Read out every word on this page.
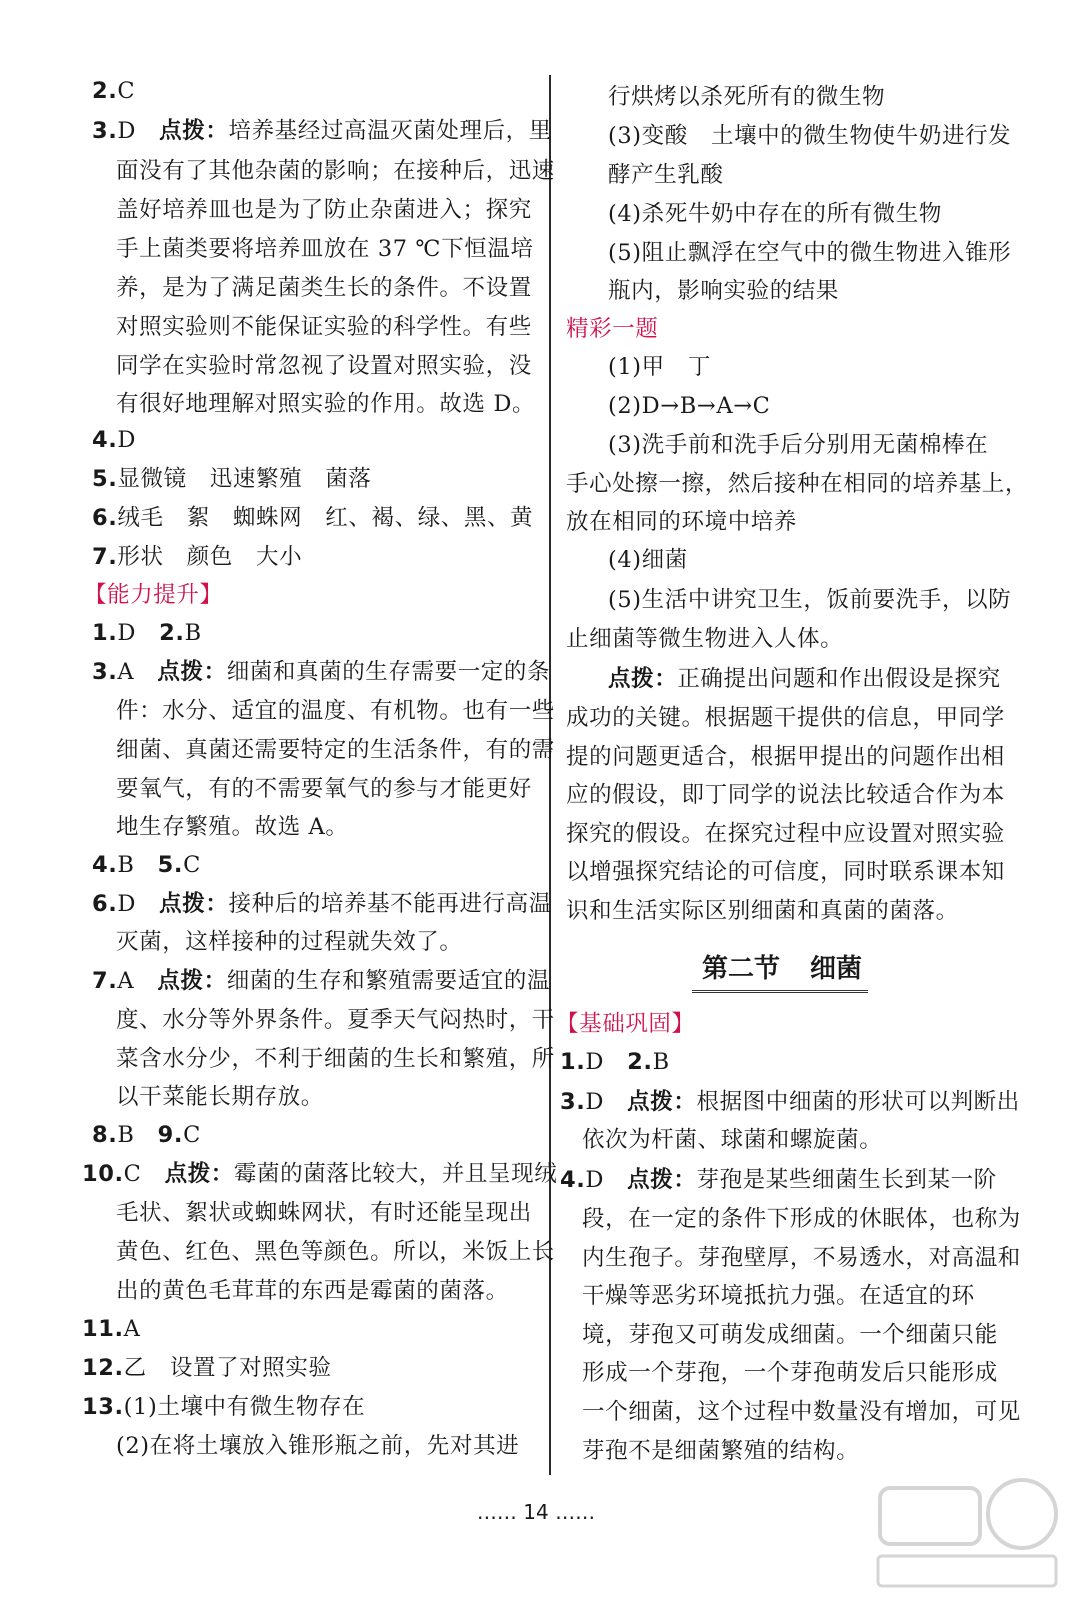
2.C
3.D　 点拨：培养基经过高温灭菌处理后，里
面没有了其他杂菌的影响；在接种后，迅速
盖好培养皿也是为了防止杂菌进入；探究
手上菌类要将培养皿放在 37 ℃下恒温培
养，是为了满足菌类生长的条件。不设置
对照实验则不能保证实验的科学性。有些
同学在实验时常忽视了设置对照实验，没
有很好地理解对照实验的作用。故选 D。
4.D
5.显微镜　迅速繁殖　菌落
6.绒毛　絮　蜘蛛网　红、褐、绿、黑、黄
7.形状　颜色　大小
【能力提升】
1.D　 2.B
3.A　 点拨：细菌和真菌的生存需要一定的条
件：水分、适宜的温度、有机物。也有一些
细菌、真菌还需要特定的生活条件，有的需
要氧气，有的不需要氧气的参与才能更好
地生存繁殖。故选 A。
4.B　 5.C
6.D　 点拨：接种后的培养基不能再进行高温
灭菌，这样接种的过程就失效了。
7.A　 点拨：细菌的生存和繁殖需要适宜的温
度、水分等外界条件。夏季天气闷热时，干
菜含水分少，不利于细菌的生长和繁殖，所
以干菜能长期存放。
8.B　 9.C
10.C　 点拨：霉菌的菌落比较大，并且呈现绒
毛状、絮状或蜘蛛网状，有时还能呈现出
黄色、红色、黑色等颜色。所以，米饭上长
出的黄色毛茸茸的东西是霉菌的菌落。
11.A
12.乙　设置了对照实验
13.(1)土壤中有微生物存在
(2)在将土壤放入锥形瓶之前，先对其进
行烘烤以杀死所有的微生物
(3)变酸　土壤中的微生物使牛奶进行发
酵产生乳酸
(4)杀死牛奶中存在的所有微生物
(5)阻止飘浮在空气中的微生物进入锥形
瓶内，影响实验的结果
精彩一题
(1)甲　丁
(2)D→B→A→C
(3)洗手前和洗手后分别用无菌棉棒在
手心处擦一擦，然后接种在相同的培养基上，
放在相同的环境中培养
(4)细菌
(5)生活中讲究卫生，饭前要洗手，以防
止细菌等微生物进入人体。
点拨：正确提出问题和作出假设是探究
成功的关键。根据题干提供的信息，甲同学
提的问题更适合，根据甲提出的问题作出相
应的假设，即丁同学的说法比较适合作为本
探究的假设。在探究过程中应设置对照实验
以增强探究结论的可信度，同时联系课本知
识和生活实际区别细菌和真菌的菌落。
【基础巩固】
1.D　 2.B
3.D　 点拨：根据图中细菌的形状可以判断出
依次为杆菌、球菌和螺旋菌。
4.D　 点拨：芽孢是某些细菌生长到某一阶
段，在一定的条件下形成的休眠体，也称为
内生孢子。芽孢壁厚，不易透水，对高温和
干燥等恶劣环境抵抗力强。在适宜的环
境，芽孢又可萌发成细菌。一个细菌只能
形成一个芽孢，一个芽孢萌发后只能形成
一个细菌，这个过程中数量没有增加，可见
芽孢不是细菌繁殖的结构。
第二节 细菌
…… 14 ……
